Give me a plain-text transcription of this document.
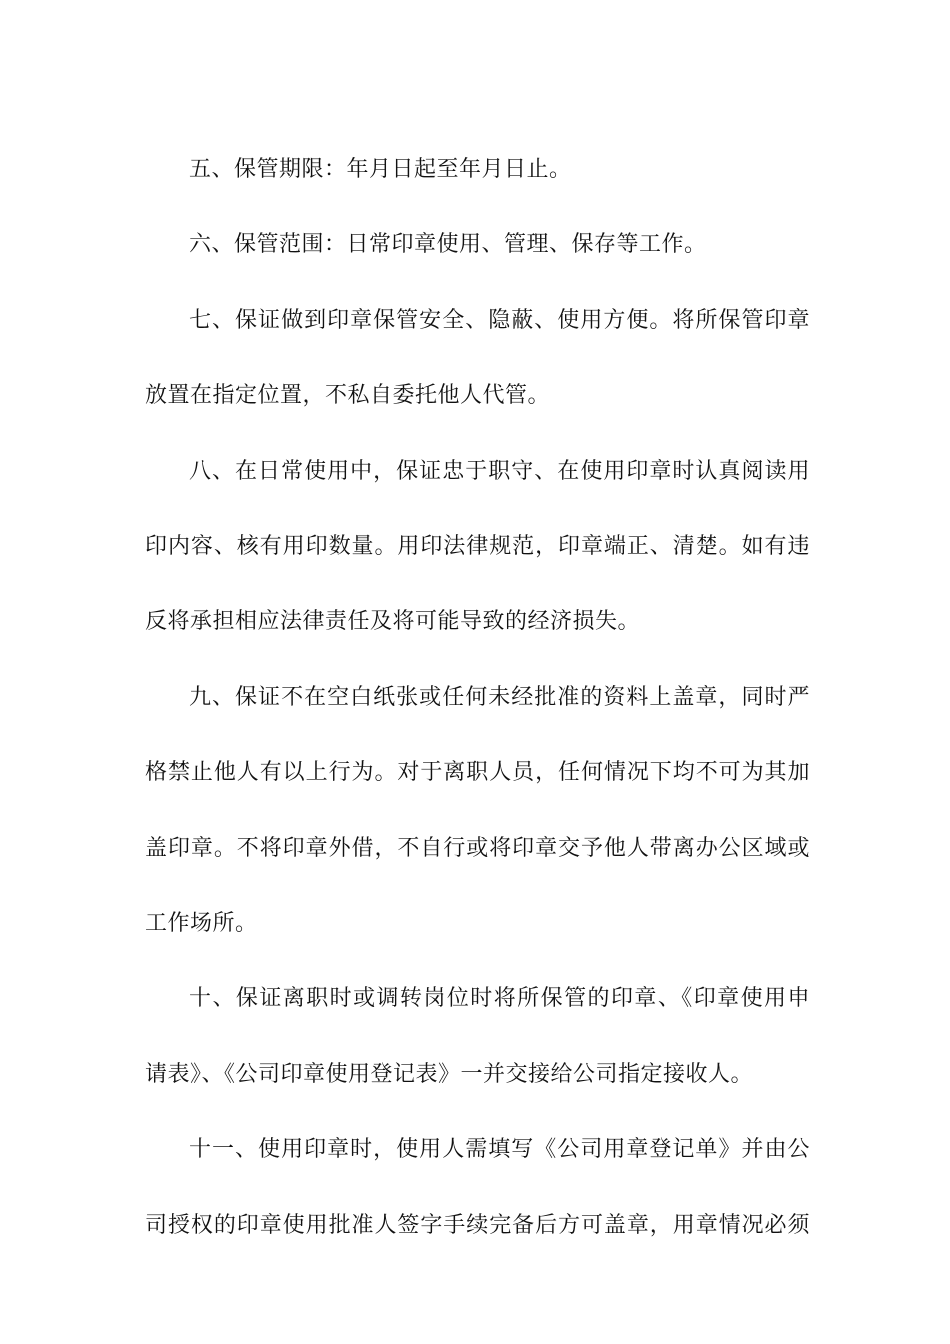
五、保管期限：年月日起至年月日止。

六、保管范围：日常印章使用、管理、保存等工作。

七、保证做到印章保管安全、隐蔽、使用方便。将所保管印章
放置在指定位置，不私自委托他人代管。

八、在日常使用中，保证忠于职守、在使用印章时认真阅读用
印内容、核有用印数量。用印法律规范，印章端正、清楚。如有违
反将承担相应法律责任及将可能导致的经济损失。

九、保证不在空白纸张或任何未经批准的资料上盖章，同时严
格禁止他人有以上行为。对于离职人员，任何情况下均不可为其加
盖印章。不将印章外借，不自行或将印章交予他人带离办公区域或
工作场所。

十、保证离职时或调转岗位时将所保管的印章、《印章使用申
请表》、《公司印章使用登记表》一并交接给公司指定接收人。

十一、使用印章时，使用人需填写《公司用章登记单》并由公
司授权的印章使用批准人签字手续完备后方可盖章，用章情况必须
